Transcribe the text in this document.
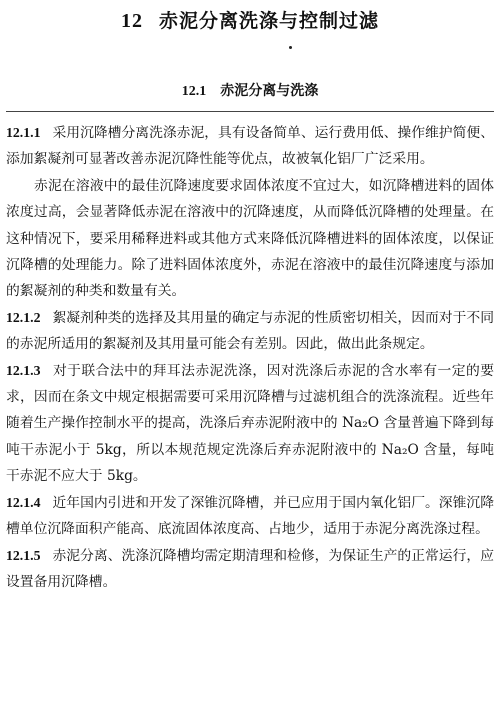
12 赤泥分离洗涤与控制过滤
12.1 赤泥分离与洗涤

12.1.1 采用沉降槽分离洗涤赤泥，具有设备简单、运行费用低、操作维护简便、添加絮凝剂可显著改善赤泥沉降性能等优点，故被氧化铝厂广泛采用。

赤泥在溶液中的最佳沉降速度要求固体浓度不宜过大，如沉降槽进料的固体浓度过高，会显著降低赤泥在溶液中的沉降速度，从而降低沉降槽的处理量。在这种情况下，要采用稀释进料或其他方式来降低沉降槽进料的固体浓度，以保证沉降槽的处理能力。除了进料固体浓度外，赤泥在溶液中的最佳沉降速度与添加的絮凝剂的种类和数量有关。

12.1.2 絮凝剂种类的选择及其用量的确定与赤泥的性质密切相关，因而对于不同的赤泥所适用的絮凝剂及其用量可能会有差别。因此，做出此条规定。

12.1.3 对于联合法中的拜耳法赤泥洗涤，因对洗涤后赤泥的含水率有一定的要求，因而在条文中规定根据需要可采用沉降槽与过滤机组合的洗涤流程。近些年随着生产操作控制水平的提高，洗涤后弃赤泥附液中的 Na₂O 含量普遍下降到每吨干赤泥小于 5kg，所以本规范规定洗涤后弃赤泥附液中的 Na₂O 含量，每吨干赤泥不应大于 5kg。

12.1.4 近年国内引进和开发了深锥沉降槽，并已应用于国内氧化铝厂。深锥沉降槽单位沉降面积产能高、底流固体浓度高、占地少，适用于赤泥分离洗涤过程。

12.1.5 赤泥分离、洗涤沉降槽均需定期清理和检修，为保证生产的正常运行，应设置备用沉降槽。
